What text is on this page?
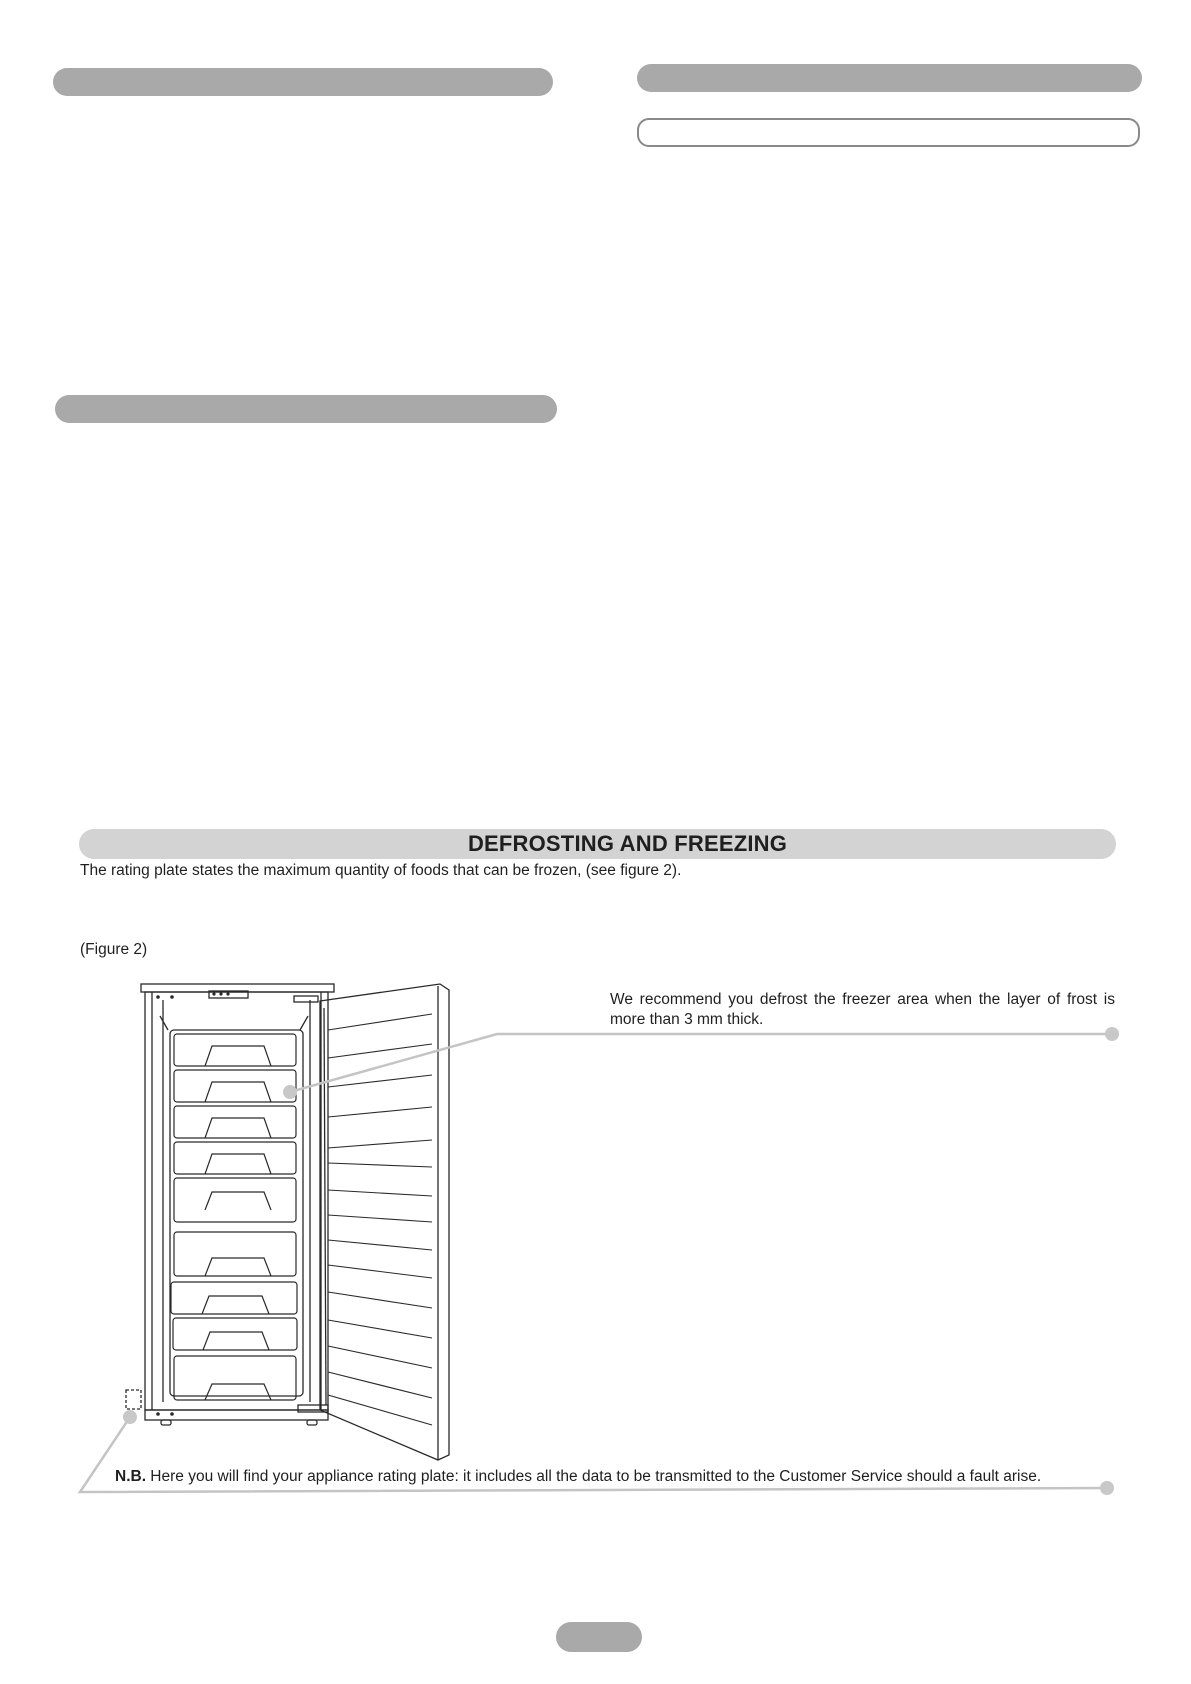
DEFROSTING AND FREEZING
The rating plate states the maximum quantity of foods that can be frozen, (see figure 2).
(Figure 2)
We recommend you defrost the freezer area when the layer of frost is more than 3 mm thick.
N.B. Here you will find your appliance rating plate: it includes all the data to be transmitted to the Customer Service should a fault arise.
